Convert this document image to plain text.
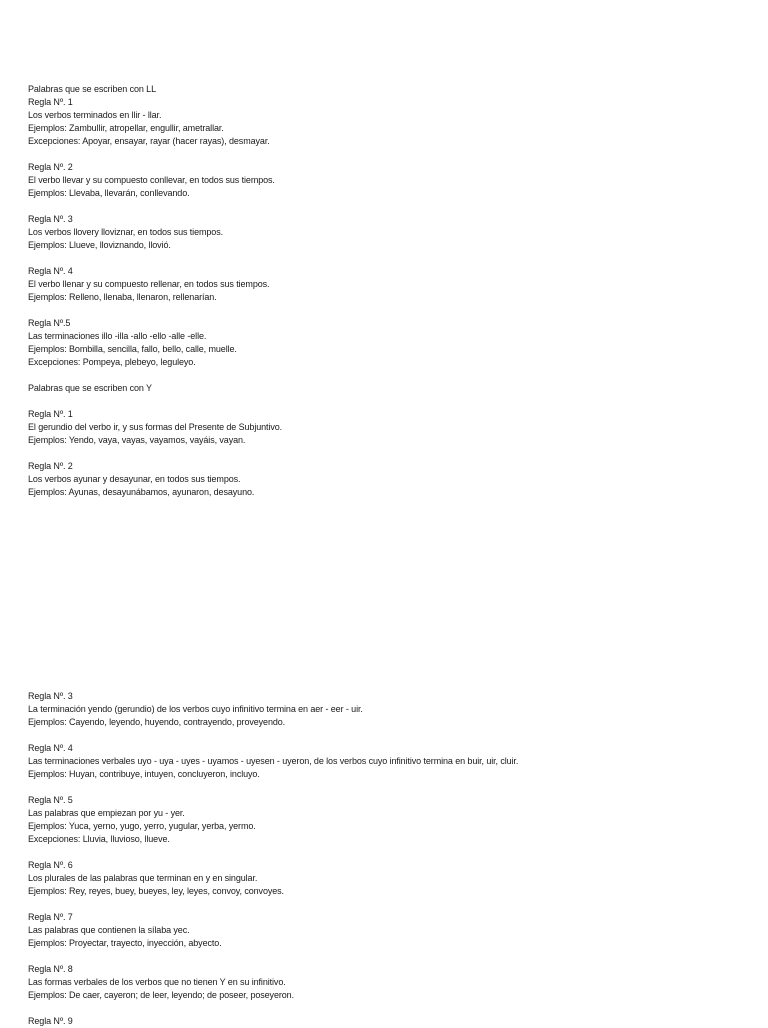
Palabras que se escriben con LL
Regla Nº. 1
Los verbos terminados en llir - llar.
Ejemplos: Zambullir, atropellar, engullir, ametrallar.
Excepciones: Apoyar, ensayar, rayar (hacer rayas), desmayar.
Regla Nº. 2
El verbo llevar y su compuesto conllevar, en todos sus tiempos.
Ejemplos: Llevaba, llevarán, conllevando.
Regla Nº. 3
Los verbos llovery lloviznar, en todos sus tiempos.
Ejemplos: Llueve, lloviznando, llovió.
Regla Nº. 4
El verbo llenar y su compuesto rellenar, en todos sus tiempos.
Ejemplos: Relleno, llenaba, llenaron, rellenarían.
Regla Nº.5
Las terminaciones illo -illa -allo -ello -alle -elle.
Ejemplos: Bombilla, sencilla, fallo, bello, calle, muelle.
Excepciones: Pompeya, plebeyo, leguleyo.
Palabras que se escriben con Y
Regla Nº. 1
El gerundio del verbo ir, y sus formas del Presente de Subjuntivo.
Ejemplos: Yendo, vaya, vayas, vayamos, vayáis, vayan.
Regla Nº. 2
Los verbos ayunar y desayunar, en todos sus tiempos.
Ejemplos: Ayunas, desayunábamos, ayunaron, desayuno.
Regla Nº. 3
La terminación yendo (gerundio) de los verbos cuyo infinitivo termina en aer - eer - uir.
Ejemplos: Cayendo, leyendo, huyendo, contrayendo, proveyendo.
Regla Nº. 4
Las terminaciones verbales uyo - uya - uyes - uyamos - uyesen - uyeron, de los verbos cuyo infinitivo termina en buir, uir, cluir.
Ejemplos: Huyan, contribuye, intuyen, concluyeron, incluyo.
Regla Nº. 5
Las palabras que empiezan por yu - yer.
Ejemplos: Yuca, yerno, yugo, yerro, yugular, yerba, yermo.
Excepciones: Lluvia, lluvioso, llueve.
Regla Nº. 6
Los plurales de las palabras que terminan en y en singular.
Ejemplos: Rey, reyes, buey, bueyes, ley, leyes, convoy, convoyes.
Regla Nº. 7
Las palabras que contienen la sílaba yec.
Ejemplos: Proyectar, trayecto, inyección, abyecto.
Regla Nº. 8
Las formas verbales de los verbos que no tienen Y en su infinitivo.
Ejemplos: De caer, cayeron; de leer, leyendo; de poseer, poseyeron.
Regla Nº. 9
